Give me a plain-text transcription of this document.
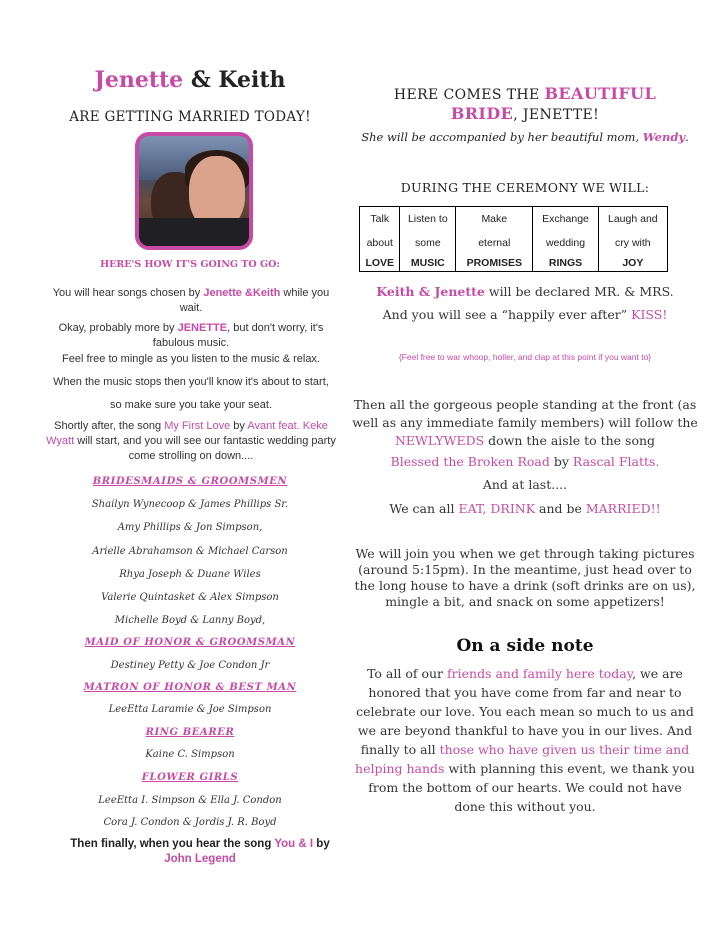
Jenette & Keith
ARE GETTING MARRIED TODAY!
HERE'S HOW IT'S GOING TO GO:
You will hear songs chosen by Jenette &Keith while you wait.
Okay, probably more by JENETTE, but don't worry, it's fabulous music.
Feel free to mingle as you listen to the music & relax.
When the music stops then you'll know it's about to start,
so make sure you take your seat.
Shortly after, the song My First Love by Avant feat. Keke Wyatt will start, and you will see our fantastic wedding party come strolling on down....
BRIDESMAIDS & GROOMSMEN
Shailyn Wynecoop & James Phillips Sr.
Amy Phillips & Jon Simpson,
Arielle Abrahamson & Michael Carson
Rhya Joseph & Duane Wiles
Valerie Quintasket & Alex Simpson
Michelle Boyd & Lanny Boyd,
MAID OF HONOR & GROOMSMAN
Destiney Petty & Joe Condon Jr
MATRON OF HONOR & BEST MAN
LeeEtta Laramie & Joe Simpson
RING BEARER
Kaine C. Simpson
FLOWER GIRLS
LeeEtta I. Simpson & Ella J. Condon
Cora J. Condon & Jordis J. R. Boyd
Then finally, when you hear the song You & I by
John Legend
HERE COMES THE BEAUTIFUL
BRIDE, JENETTE!
She will be accompanied by her beautiful mom, Wendy.
DURING THE CEREMONY WE WILL:
Talk	Listen to	Make	Exchange	Laugh and
about	some	eternal	wedding	cry with
LOVE	MUSIC	PROMISES	RINGS	JOY
Keith & Jenette will be declared MR. & MRS.
And you will see a “happily ever after” KISS!
{Feel free to war whoop, holler, and clap at this point if you want to}
Then all the gorgeous people standing at the front (as well as any immediate family members) will follow the
NEWLYWEDS down the aisle to the song
Blessed the Broken Road by Rascal Flatts.
And at last....
We can all EAT, DRINK and be MARRIED!!
We will join you when we get through taking pictures (around 5:15pm). In the meantime, just head over to the long house to have a drink (soft drinks are on us), mingle a bit, and snack on some appetizers!
On a side note
To all of our friends and family here today, we are honored that you have come from far and near to celebrate our love. You each mean so much to us and we are beyond thankful to have you in our lives. And finally to all those who have given us their time and helping hands with planning this event, we thank you from the bottom of our hearts. We could not have done this without you.
